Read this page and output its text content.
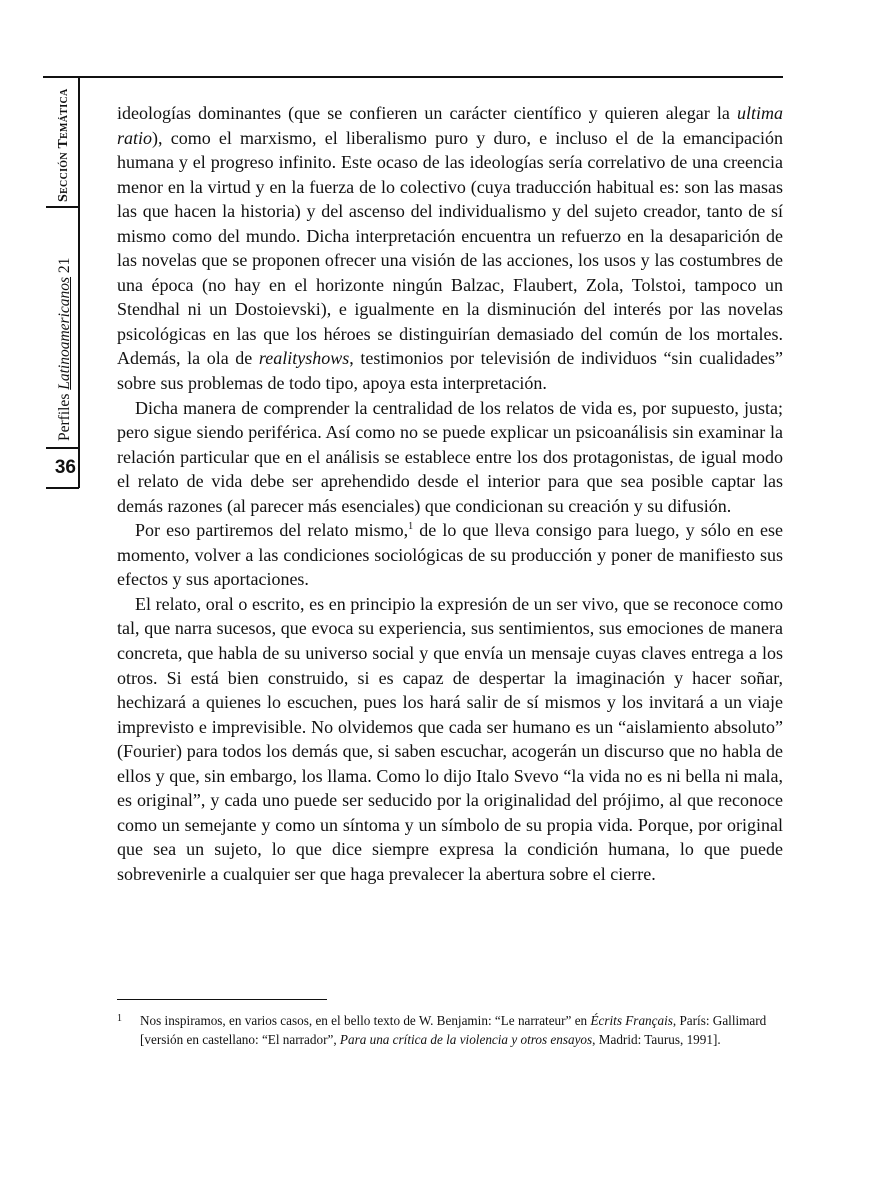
Sección Temática
Perfiles Latinoamericanos 21
36

ideologías dominantes (que se confieren un carácter científico y quieren alegar la ultima ratio), como el marxismo, el liberalismo puro y duro, e incluso el de la emancipación humana y el progreso infinito. Este ocaso de las ideologías sería correlativo de una creencia menor en la virtud y en la fuerza de lo colectivo (cuya traducción habitual es: son las masas las que hacen la historia) y del ascenso del individualismo y del sujeto creador, tanto de sí mismo como del mundo. Dicha interpretación encuentra un refuerzo en la desaparición de las novelas que se proponen ofrecer una visión de las acciones, los usos y las costumbres de una época (no hay en el horizonte ningún Balzac, Flaubert, Zola, Tolstoi, tampoco un Stendhal ni un Dostoievski), e igualmente en la disminución del interés por las novelas psicológicas en las que los héroes se distinguirían demasiado del común de los mortales. Además, la ola de realityshows, testimonios por televisión de individuos “sin cualidades” sobre sus problemas de todo tipo, apoya esta interpretación.

Dicha manera de comprender la centralidad de los relatos de vida es, por supuesto, justa; pero sigue siendo periférica. Así como no se puede explicar un psicoanálisis sin examinar la relación particular que en el análisis se establece entre los dos protagonistas, de igual modo el relato de vida debe ser aprehendido desde el interior para que sea posible captar las demás razones (al parecer más esenciales) que condicionan su creación y su difusión.

Por eso partiremos del relato mismo,$^1$ de lo que lleva consigo para luego, y sólo en ese momento, volver a las condiciones sociológicas de su producción y poner de manifiesto sus efectos y sus aportaciones.

El relato, oral o escrito, es en principio la expresión de un ser vivo, que se reconoce como tal, que narra sucesos, que evoca su experiencia, sus sentimientos, sus emociones de manera concreta, que habla de su universo social y que envía un mensaje cuyas claves entrega a los otros. Si está bien construido, si es capaz de despertar la imaginación y hacer soñar, hechizará a quienes lo escuchen, pues los hará salir de sí mismos y los invitará a un viaje imprevisto e imprevisible. No olvidemos que cada ser humano es un “aislamiento absoluto” (Fourier) para todos los demás que, si saben escuchar, acogerán un discurso que no habla de ellos y que, sin embargo, los llama. Como lo dijo Italo Svevo “la vida no es ni bella ni mala, es original”, y cada uno puede ser seducido por la originalidad del prójimo, al que reconoce como un semejante y como un síntoma y un símbolo de su propia vida. Porque, por original que sea un sujeto, lo que dice siempre expresa la condición humana, lo que puede sobrevenirle a cualquier ser que haga prevalecer la abertura sobre el cierre.

1 Nos inspiramos, en varios casos, en el bello texto de W. Benjamin: “Le narrateur” en Écrits Français, París: Gallimard [versión en castellano: “El narrador”, Para una crítica de la violencia y otros ensayos, Madrid: Taurus, 1991].
